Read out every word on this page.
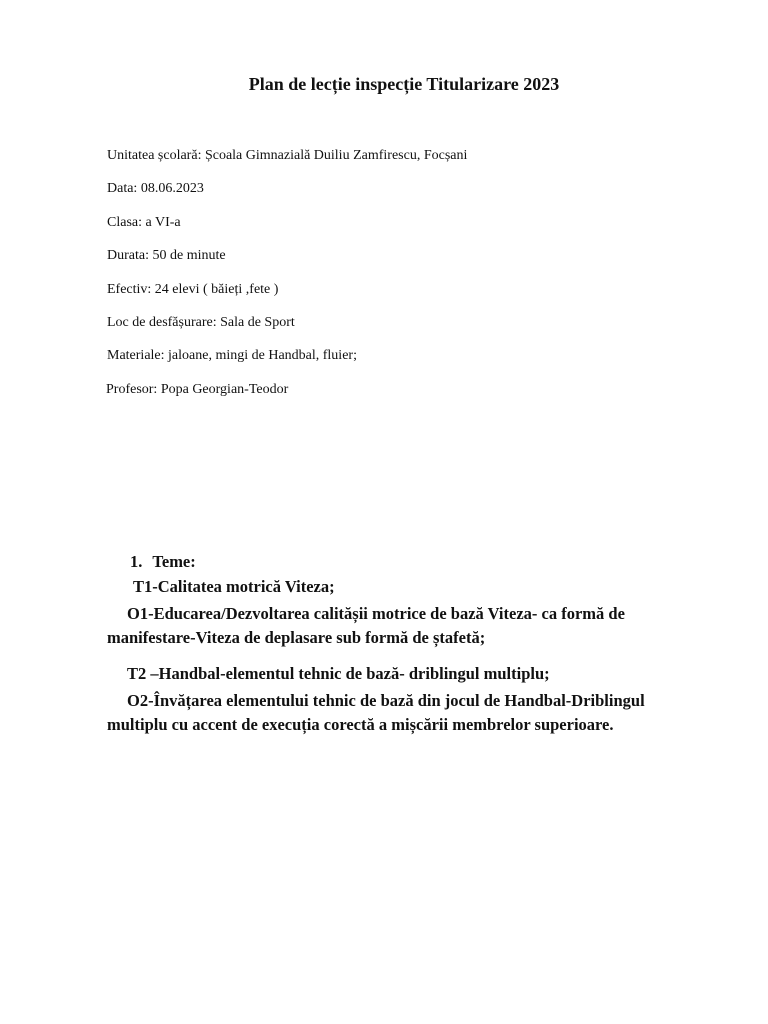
Plan de lecție inspecție Titularizare 2023
Unitatea școlară: Școala Gimnazială Duiliu Zamfirescu, Focșani
Data: 08.06.2023
Clasa: a VI-a
Durata: 50 de minute
Efectiv: 24 elevi ( băieți ,fete )
Loc de desfășurare: Sala de Sport
Materiale: jaloane, mingi de Handbal, fluier;
Profesor: Popa Georgian-Teodor
1. Teme:
T1-Calitatea motrică Viteza;
O1-Educarea/Dezvoltarea calitășii motrice de bază Viteza- ca formă de manifestare-Viteza de deplasare sub formă de ștafetă;
T2 –Handbal-elementul tehnic de bază- driblingul multiplu;
O2-Învățarea elementului tehnic de bază din jocul de Handbal-Driblingul multiplu cu accent de execuția corectă a mișcării membrelor superioare.
